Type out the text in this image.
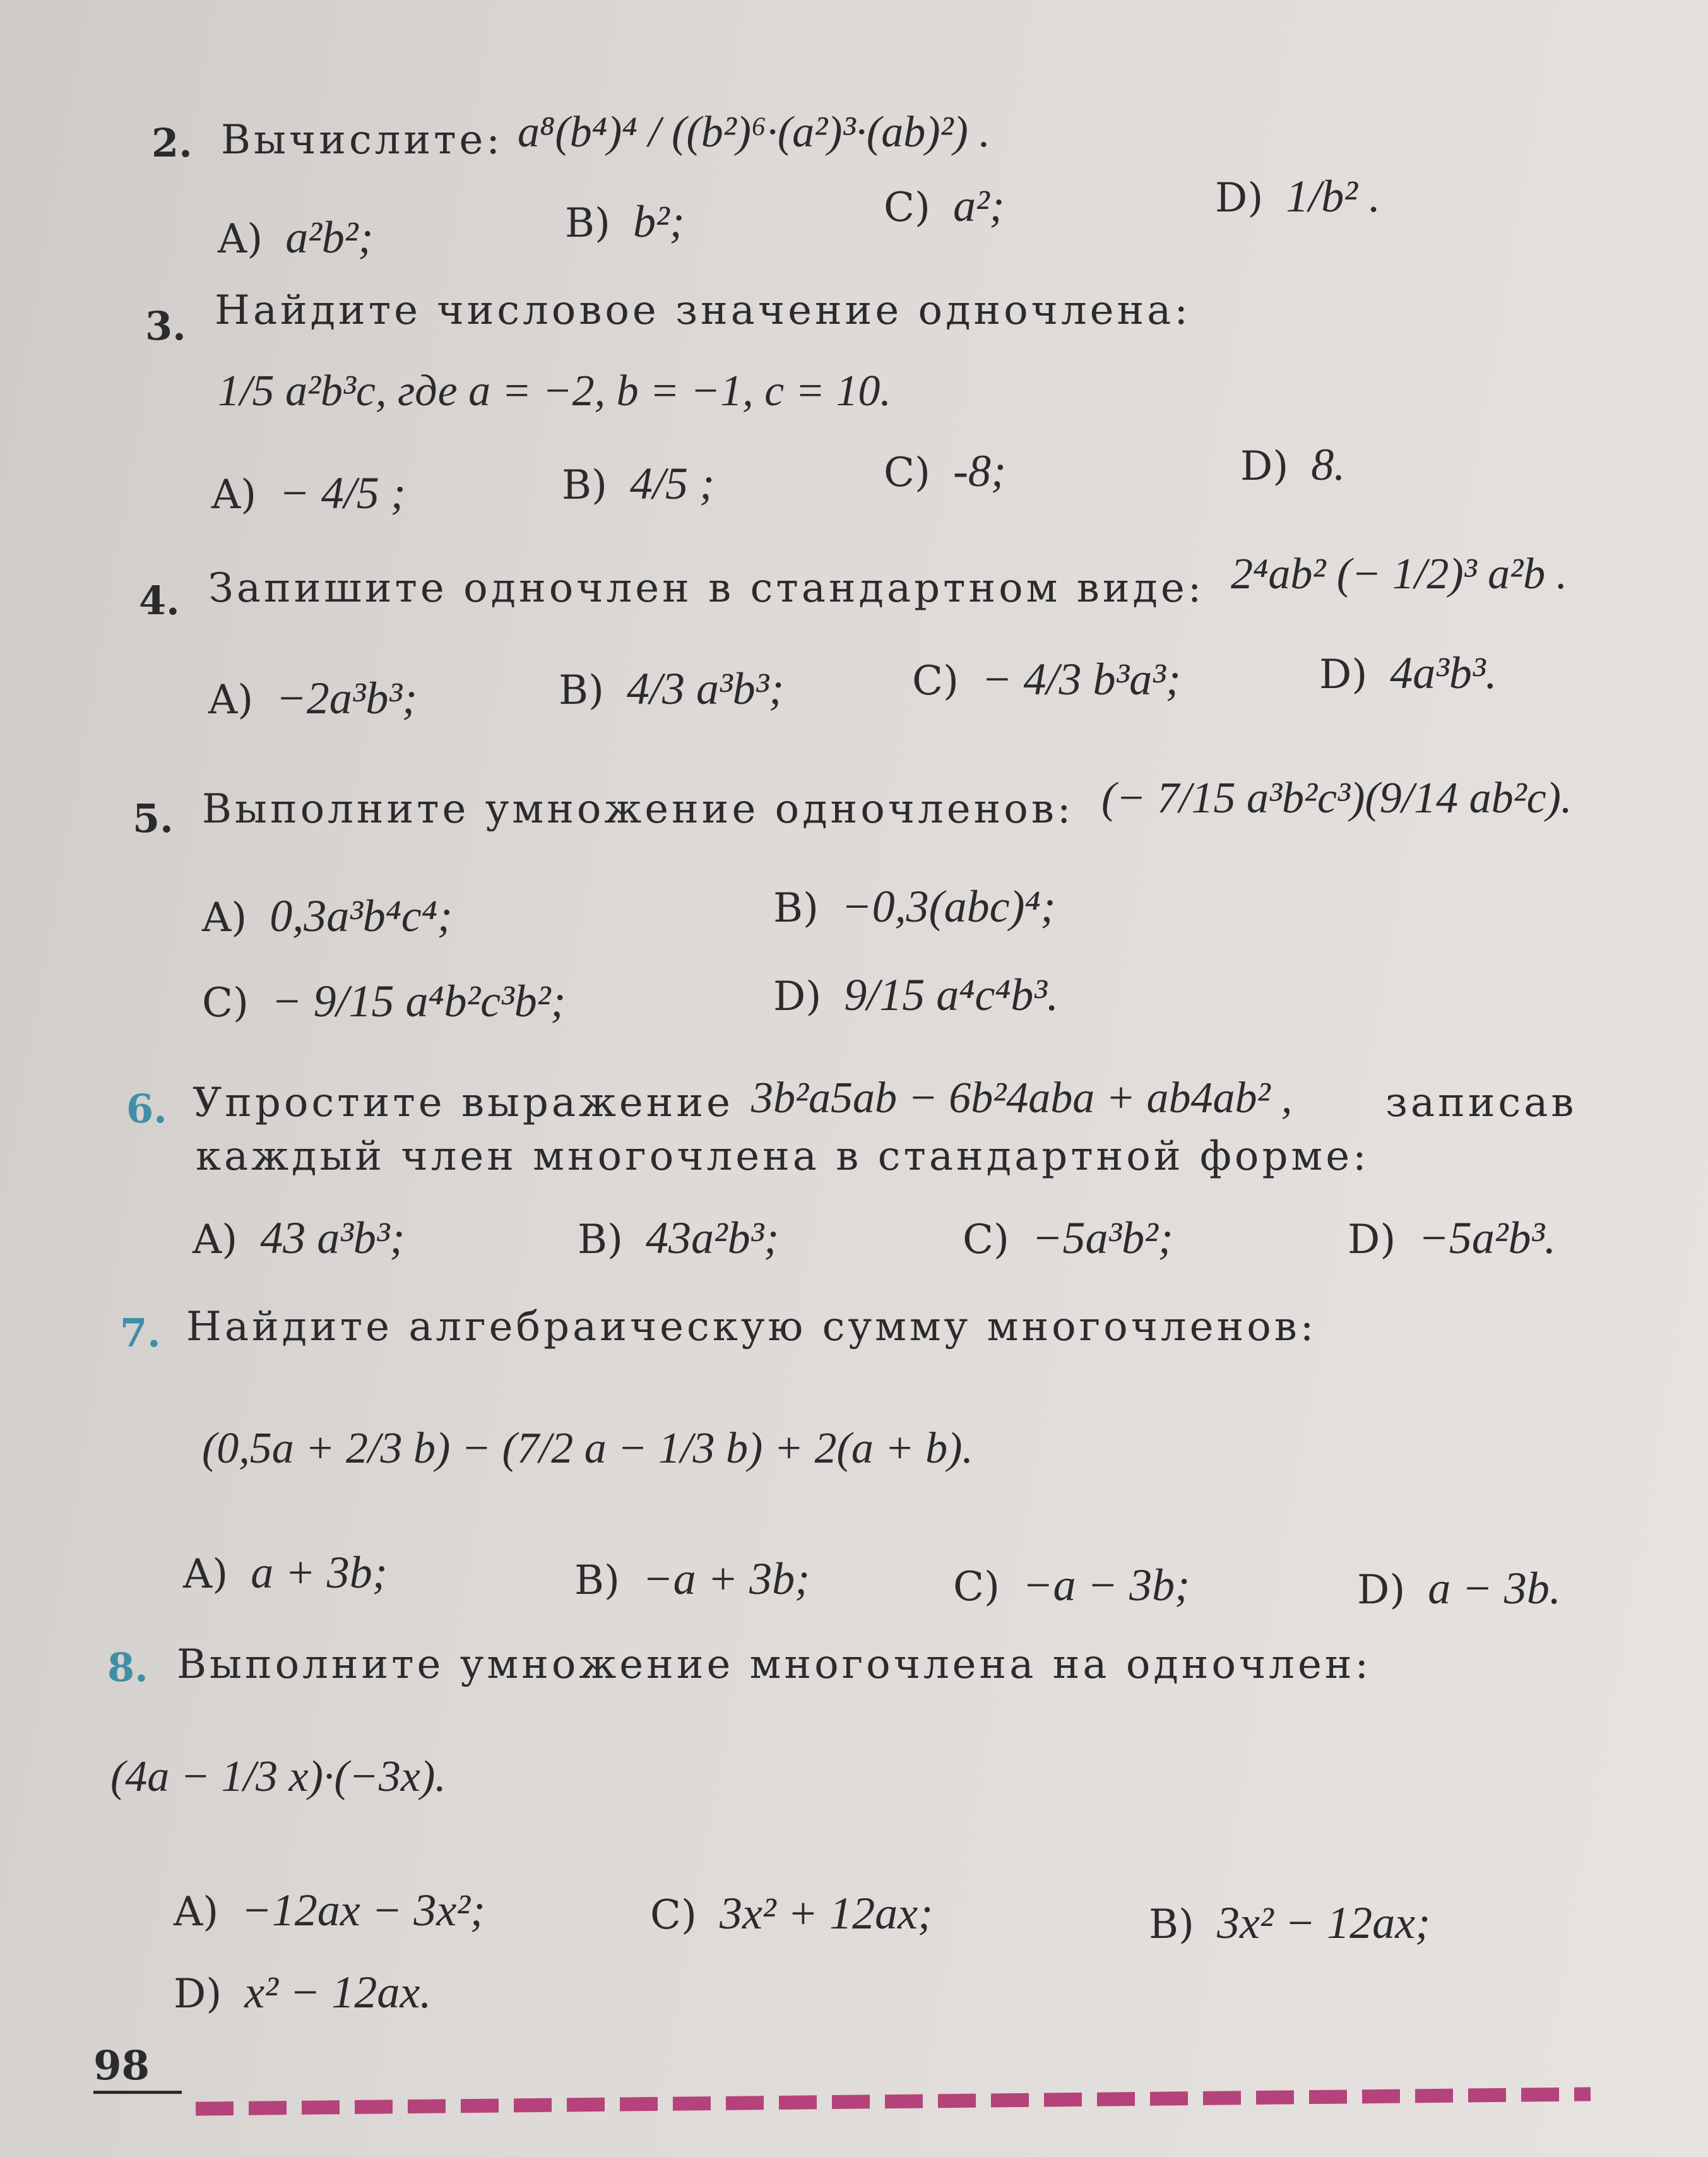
2. Вычислите: a⁸(b⁴)⁴ / ((b²)⁶·(a²)³·(ab)²) .
A) a²b²;	B) b²;	C) a²;	D) 1/b² .
3. Найдите числовое значение одночлена:
1/5 a²b³c, где a = −2, b = −1, c = 10.
A) − 4/5 ;	B) 4/5 ;	C) -8;	D) 8.
4. Запишите одночлен в стандартном виде: 2⁴ab² (− 1/2)³ a²b .
A) −2a³b³;	B) 4/3 a³b³;	C) − 4/3 b³a³;	D) 4a³b³.
5. Выполните умножение одночленов: (− 7/15 a³b²c³)(9/14 ab²c).
A) 0,3a³b⁴c⁴;	B) −0,3(abc)⁴;
C) − 9/15 a⁴b²c³b²;	D) 9/15 a⁴c⁴b³.
6. Упростите выражение 3b²a5ab − 6b²4aba + ab4ab² , записав
каждый член многочлена в стандартной форме:
A) 43 a³b³;	B) 43a²b³;	C) −5a³b²;	D) −5a²b³.
7. Найдите алгебраическую сумму многочленов:
(0,5a + 2/3 b) − (7/2 a − 1/3 b) + 2(a + b).
A) a + 3b;	B) −a + 3b;	C) −a − 3b;	D) a − 3b.
8. Выполните умножение многочлена на одночлен:
(4a − 1/3 x)·(−3x).
A) −12ax − 3x²;	C) 3x² + 12ax;	B) 3x² − 12ax;
D) x² − 12ax.
98
